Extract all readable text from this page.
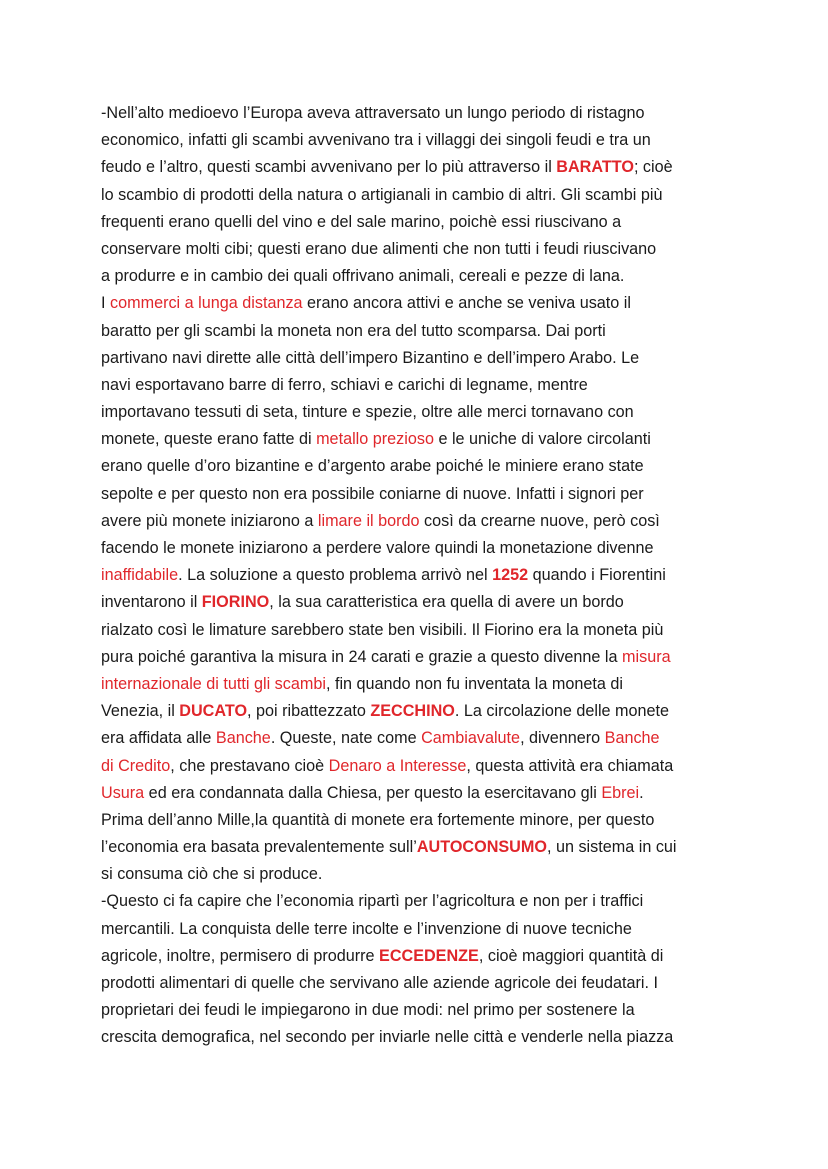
-Nell’alto medioevo l’Europa aveva attraversato un lungo periodo di ristagno
economico, infatti gli scambi avvenivano tra i villaggi dei singoli feudi e tra un
feudo e l’altro, questi scambi avvenivano per lo più attraverso il BARATTO; cioè
lo scambio di prodotti della natura o artigianali in cambio di altri. Gli scambi più
frequenti erano quelli del vino e del sale marino, poichè essi riuscivano a
conservare molti cibi; questi erano due alimenti che non tutti i feudi riuscivano
a produrre e in cambio dei quali offrivano animali, cereali e pezze di lana.
I commerci a lunga distanza erano ancora attivi e anche se veniva usato il
baratto per gli scambi la moneta non era del tutto scomparsa. Dai porti
partivano navi dirette alle città dell’impero Bizantino e dell’impero Arabo. Le
navi esportavano barre di ferro, schiavi e carichi di legname, mentre
importavano tessuti di seta, tinture e spezie, oltre alle merci tornavano con
monete, queste erano fatte di metallo prezioso e le uniche di valore circolanti
erano quelle d’oro bizantine e d’argento arabe poiché le miniere erano state
sepolte e per questo non era possibile coniarne di nuove. Infatti i signori per
avere più monete iniziarono a limare il bordo così da crearne nuove, però così
facendo le monete iniziarono a perdere valore quindi la monetazione divenne
inaffidabile. La soluzione a questo problema arrivò nel 1252 quando i Fiorentini
inventarono il FIORINO, la sua caratteristica era quella di avere un bordo
rialzato così le limature sarebbero state ben visibili. Il Fiorino era la moneta più
pura poiché garantiva la misura in 24 carati e grazie a questo divenne la misura
internazionale di tutti gli scambi, fin quando non fu inventata la moneta di
Venezia, il DUCATO, poi ribattezzato ZECCHINO. La circolazione delle monete
era affidata alle Banche. Queste, nate come Cambiavalute, divennero Banche
di Credito, che prestavano cioè Denaro a Interesse, questa attività era chiamata
Usura ed era condannata dalla Chiesa, per questo la esercitavano gli Ebrei.
Prima dell’anno Mille,la quantità di monete era fortemente minore, per questo
l’economia era basata prevalentemente sull’AUTOCONSUMO, un sistema in cui
si consuma ciò che si produce.
-Questo ci fa capire che l’economia ripartì per l’agricoltura e non per i traffici
mercantili. La conquista delle terre incolte e l’invenzione di nuove tecniche
agricole, inoltre, permisero di produrre ECCEDENZE, cioè maggiori quantità di
prodotti alimentari di quelle che servivano alle aziende agricole dei feudatari. I
proprietari dei feudi le impiegarono in due modi: nel primo per sostenere la
crescita demografica, nel secondo per inviarle nelle città e venderle nella piazza
